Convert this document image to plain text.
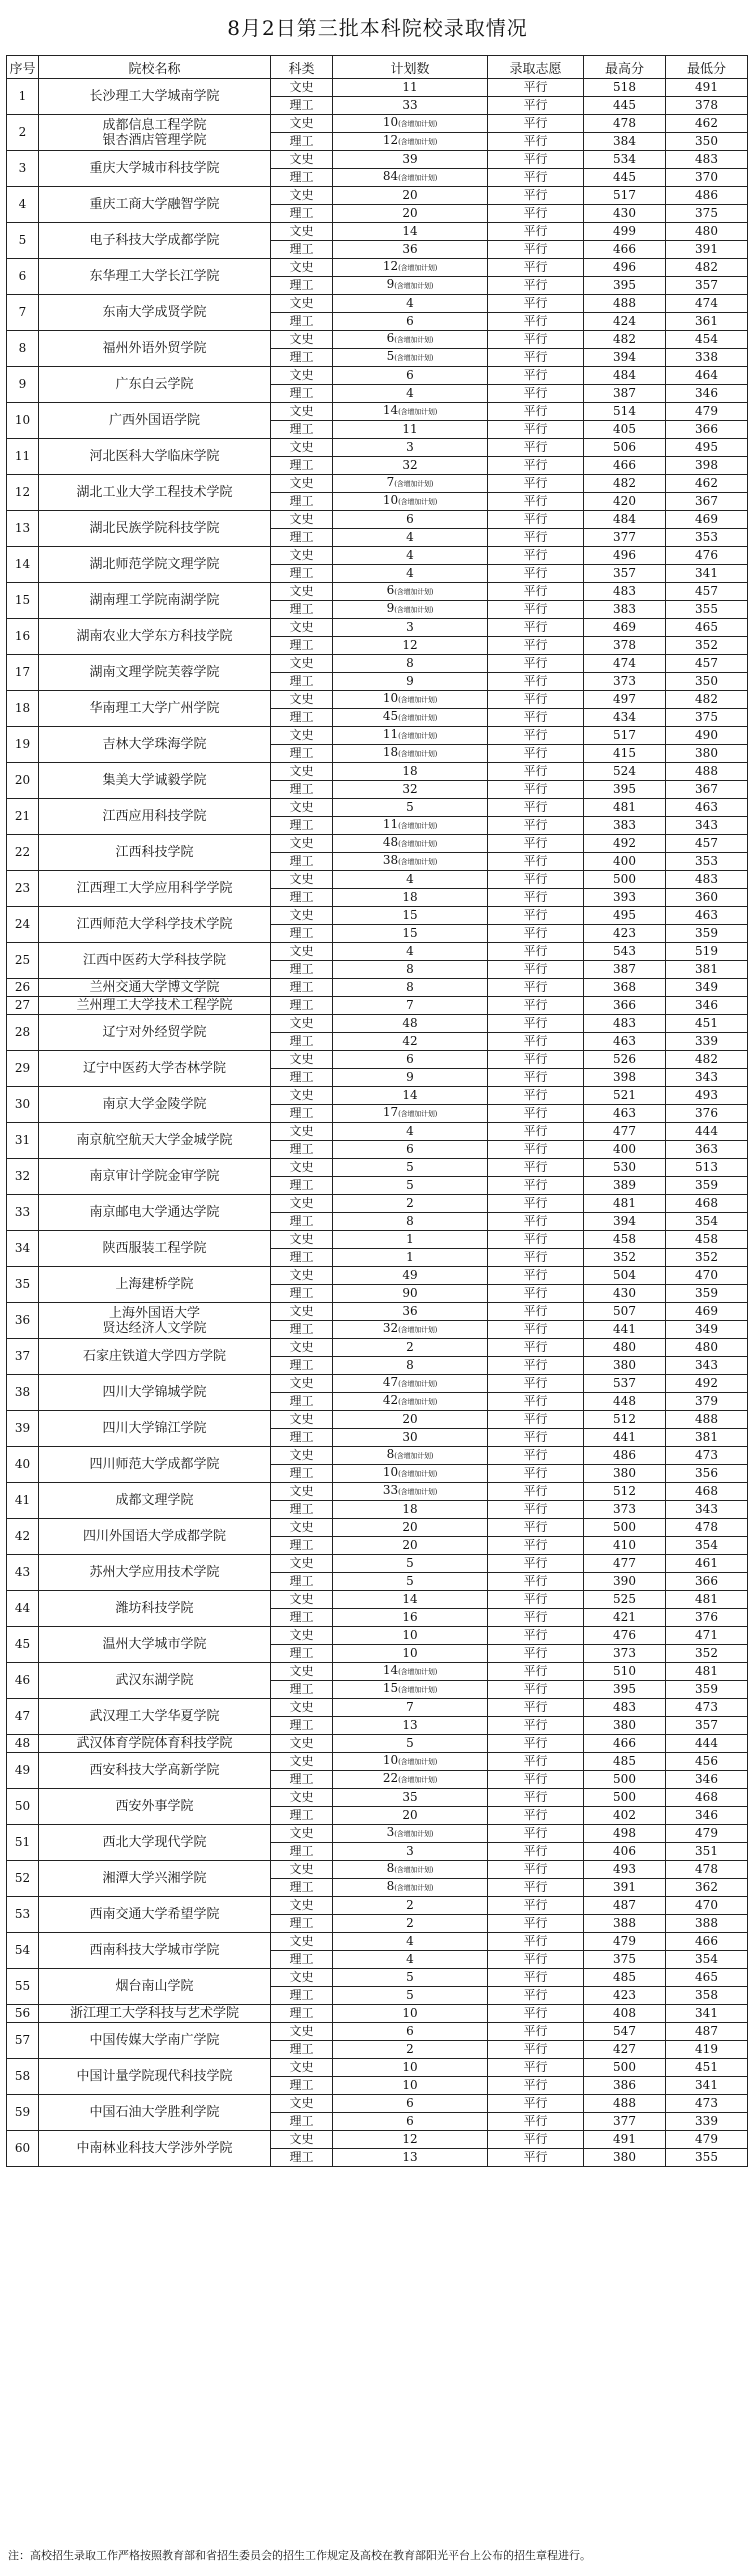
8月2日第三批本科院校录取情况
序号	院校名称	科类	计划数	录取志愿	最高分	最低分
1	长沙理工大学城南学院	文史	11	平行	518	491
		理工	33	平行	445	378
2	成都信息工程学院
银杏酒店管理学院	文史	10(含增加计划)	平行	478	462
		理工	12(含增加计划)	平行	384	350
3	重庆大学城市科技学院	文史	39	平行	534	483
		理工	84(含增加计划)	平行	445	370
4	重庆工商大学融智学院	文史	20	平行	517	486
		理工	20	平行	430	375
5	电子科技大学成都学院	文史	14	平行	499	480
		理工	36	平行	466	391
6	东华理工大学长江学院	文史	12(含增加计划)	平行	496	482
		理工	9(含增加计划)	平行	395	357
7	东南大学成贤学院	文史	4	平行	488	474
		理工	6	平行	424	361
8	福州外语外贸学院	文史	6(含增加计划)	平行	482	454
		理工	5(含增加计划)	平行	394	338
9	广东白云学院	文史	6	平行	484	464
		理工	4	平行	387	346
10	广西外国语学院	文史	14(含增加计划)	平行	514	479
		理工	11	平行	405	366
11	河北医科大学临床学院	文史	3	平行	506	495
		理工	32	平行	466	398
12	湖北工业大学工程技术学院	文史	7(含增加计划)	平行	482	462
		理工	10(含增加计划)	平行	420	367
13	湖北民族学院科技学院	文史	6	平行	484	469
		理工	4	平行	377	353
14	湖北师范学院文理学院	文史	4	平行	496	476
		理工	4	平行	357	341
15	湖南理工学院南湖学院	文史	6(含增加计划)	平行	483	457
		理工	9(含增加计划)	平行	383	355
16	湖南农业大学东方科技学院	文史	3	平行	469	465
		理工	12	平行	378	352
17	湖南文理学院芙蓉学院	文史	8	平行	474	457
		理工	9	平行	373	350
18	华南理工大学广州学院	文史	10(含增加计划)	平行	497	482
		理工	45(含增加计划)	平行	434	375
19	吉林大学珠海学院	文史	11(含增加计划)	平行	517	490
		理工	18(含增加计划)	平行	415	380
20	集美大学诚毅学院	文史	18	平行	524	488
		理工	32	平行	395	367
21	江西应用科技学院	文史	5	平行	481	463
		理工	11(含增加计划)	平行	383	343
22	江西科技学院	文史	48(含增加计划)	平行	492	457
		理工	38(含增加计划)	平行	400	353
23	江西理工大学应用科学学院	文史	4	平行	500	483
		理工	18	平行	393	360
24	江西师范大学科学技术学院	文史	15	平行	495	463
		理工	15	平行	423	359
25	江西中医药大学科技学院	文史	4	平行	543	519
		理工	8	平行	387	381
26	兰州交通大学博文学院	理工	8	平行	368	349
27	兰州理工大学技术工程学院	理工	7	平行	366	346
28	辽宁对外经贸学院	文史	48	平行	483	451
		理工	42	平行	463	339
29	辽宁中医药大学杏林学院	文史	6	平行	526	482
		理工	9	平行	398	343
30	南京大学金陵学院	文史	14	平行	521	493
		理工	17(含增加计划)	平行	463	376
31	南京航空航天大学金城学院	文史	4	平行	477	444
		理工	6	平行	400	363
32	南京审计学院金审学院	文史	5	平行	530	513
		理工	5	平行	389	359
33	南京邮电大学通达学院	文史	2	平行	481	468
		理工	8	平行	394	354
34	陕西服装工程学院	文史	1	平行	458	458
		理工	1	平行	352	352
35	上海建桥学院	文史	49	平行	504	470
		理工	90	平行	430	359
36	上海外国语大学
贤达经济人文学院	文史	36	平行	507	469
		理工	32(含增加计划)	平行	441	349
37	石家庄铁道大学四方学院	文史	2	平行	480	480
		理工	8	平行	380	343
38	四川大学锦城学院	文史	47(含增加计划)	平行	537	492
		理工	42(含增加计划)	平行	448	379
39	四川大学锦江学院	文史	20	平行	512	488
		理工	30	平行	441	381
40	四川师范大学成都学院	文史	8(含增加计划)	平行	486	473
		理工	10(含增加计划)	平行	380	356
41	成都文理学院	文史	33(含增加计划)	平行	512	468
		理工	18	平行	373	343
42	四川外国语大学成都学院	文史	20	平行	500	478
		理工	20	平行	410	354
43	苏州大学应用技术学院	文史	5	平行	477	461
		理工	5	平行	390	366
44	潍坊科技学院	文史	14	平行	525	481
		理工	16	平行	421	376
45	温州大学城市学院	文史	10	平行	476	471
		理工	10	平行	373	352
46	武汉东湖学院	文史	14(含增加计划)	平行	510	481
		理工	15(含增加计划)	平行	395	359
47	武汉理工大学华夏学院	文史	7	平行	483	473
		理工	13	平行	380	357
48	武汉体育学院体育科技学院	文史	5	平行	466	444
49	西安科技大学高新学院	文史	10(含增加计划)	平行	485	456
		理工	22(含增加计划)	平行	500	346
50	西安外事学院	文史	35	平行	500	468
		理工	20	平行	402	346
51	西北大学现代学院	文史	3(含增加计划)	平行	498	479
		理工	3	平行	406	351
52	湘潭大学兴湘学院	文史	8(含增加计划)	平行	493	478
		理工	8(含增加计划)	平行	391	362
53	西南交通大学希望学院	文史	2	平行	487	470
		理工	2	平行	388	388
54	西南科技大学城市学院	文史	4	平行	479	466
		理工	4	平行	375	354
55	烟台南山学院	文史	5	平行	485	465
		理工	5	平行	423	358
56	浙江理工大学科技与艺术学院	理工	10	平行	408	341
57	中国传媒大学南广学院	文史	6	平行	547	487
		理工	2	平行	427	419
58	中国计量学院现代科技学院	文史	10	平行	500	451
		理工	10	平行	386	341
59	中国石油大学胜利学院	文史	6	平行	488	473
		理工	6	平行	377	339
60	中南林业科技大学涉外学院	文史	12	平行	491	479
		理工	13	平行	380	355
注：高校招生录取工作严格按照教育部和省招生委员会的招生工作规定及高校在教育部阳光平台上公布的招生章程进行。
